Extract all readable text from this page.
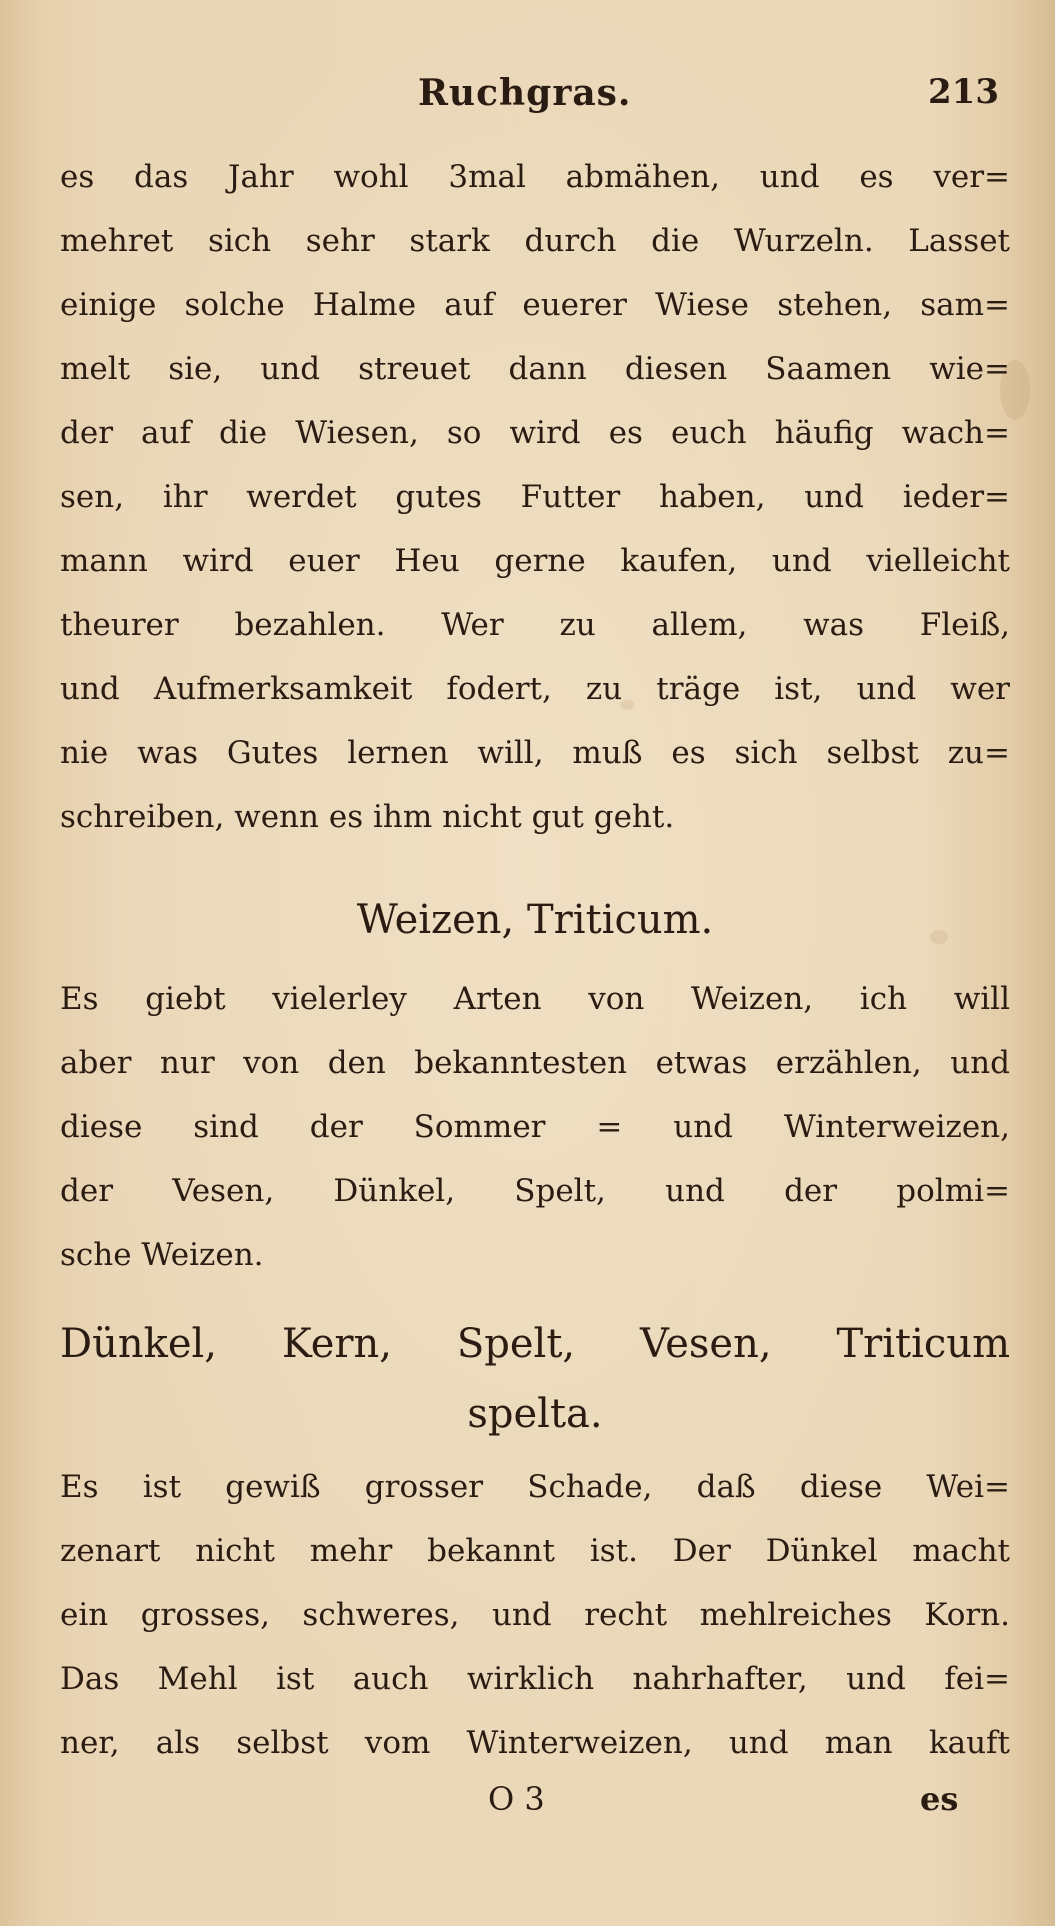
Ruchgras.	213
es das Jahr wohl 3mal abmähen, und es ver=
mehret sich sehr stark durch die Wurzeln. Lasset
einige solche Halme auf euerer Wiese stehen, sam=
melt sie, und streuet dann diesen Saamen wie=
der auf die Wiesen, so wird es euch häufig wach=
sen, ihr werdet gutes Futter haben, und ieder=
mann wird euer Heu gerne kaufen, und vielleicht
theurer bezahlen. Wer zu allem, was Fleiß,
und Aufmerksamkeit fodert, zu träge ist, und wer
nie was Gutes lernen will, muß es sich selbst zu=
schreiben, wenn es ihm nicht gut geht.
Weizen, Triticum.
Es giebt vielerley Arten von Weizen, ich will
aber nur von den bekanntesten etwas erzählen, und
diese sind der Sommer = und Winterweizen,
der Vesen, Dünkel, Spelt, und der polmi=
sche Weizen.
Dünkel, Kern, Spelt, Vesen, Triticum
spelta.
Es ist gewiß grosser Schade, daß diese Wei=
zenart nicht mehr bekannt ist. Der Dünkel macht
ein grosses, schweres, und recht mehlreiches Korn.
Das Mehl ist auch wirklich nahrhafter, und fei=
ner, als selbst vom Winterweizen, und man kauft
O 3	es
